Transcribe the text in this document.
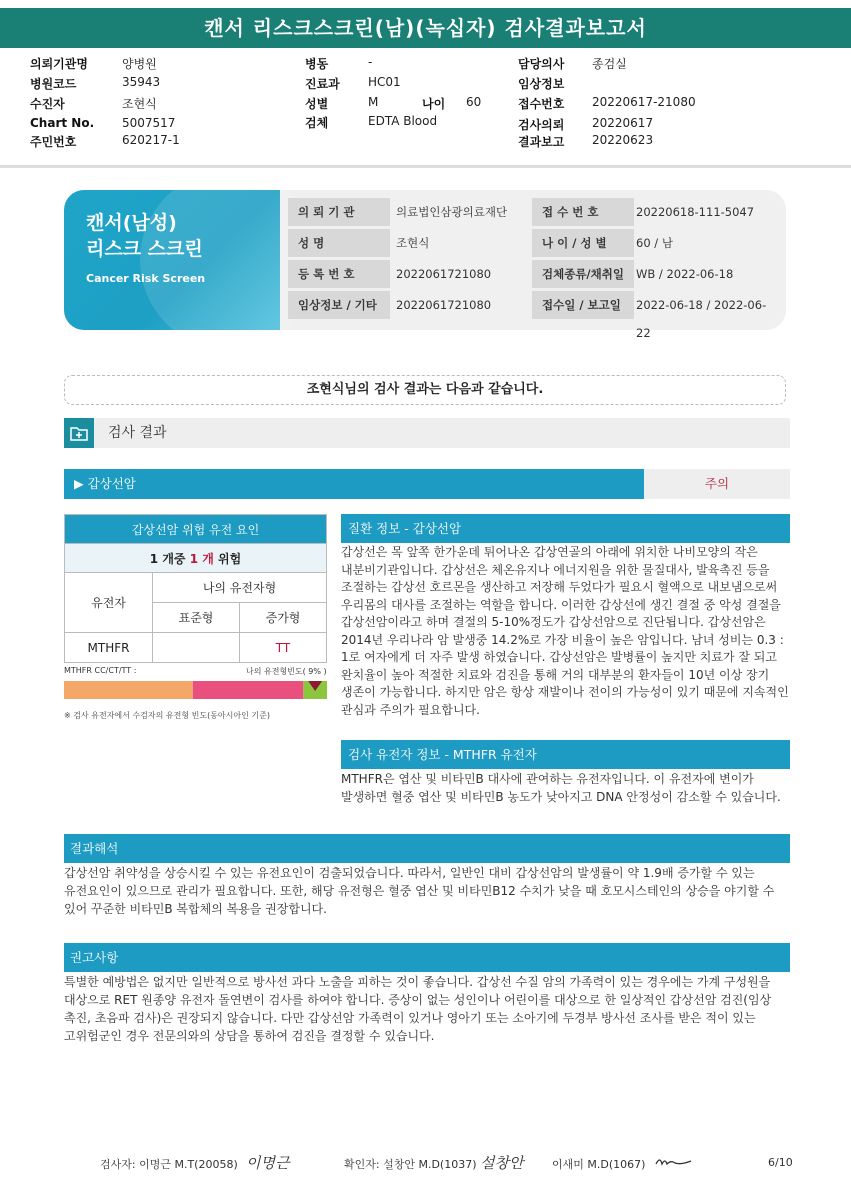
캔서 리스크스크린(남)(녹십자) 검사결과보고서
의뢰기관명	양병원
병원코드	35943
수진자	조현식
Chart No. 5007517
주민번호	620217-1
병동	-
진료과 HC01
성별	M	나이 60
검체	EDTA Blood
담당의사 종검실
임상정보
접수번호 20220617-21080
검사의뢰 20220617
결과보고 20220623
캔서(남성)
리스크 스크린
Cancer Risk Screen
의 뢰 기 관	의료법인삼광의료재단	접 수 번 호	20220618-111-5047
성 명	조현식	나 이 / 성 별	60 / 남
등 록 번 호	2022061721080	검체종류/채취일	WB / 2022-06-18
임상정보 / 기타	2022061721080	접수일 / 보고일	2022-06-18 / 2022-06-22
조현식님의 검사 결과는 다음과 같습니다.
검사 결과
▶ 갑상선암	주의
갑상선암 위험 유전 요인		
1 개중 1 개 위험		
유전자	나의 유전자형	
	표준형	증가형
MTHFR		TT
MTHFR CC/CT/TT :	나의 유전형빈도( 9% )
※ 검사 유전자에서 수검자의 유전형 빈도(동아시아인 기준)
질환 정보 - 갑상선암
갑상선은 목 앞쪽 한가운데 튀어나온 갑상연골의 아래에 위치한 나비모양의 작은
내분비기관입니다. 갑상선은 체온유지나 에너지원을 위한 물질대사, 발육촉진 등을
조절하는 갑상선 호르몬을 생산하고 저장해 두었다가 필요시 혈액으로 내보냄으로써
우리몸의 대사를 조절하는 역할을 합니다. 이러한 갑상선에 생긴 결절 중 악성 결절을
갑상선암이라고 하며 결절의 5-10%정도가 갑상선암으로 진단됩니다. 갑상선암은
2014년 우리나라 암 발생중 14.2%로 가장 비율이 높은 암입니다. 남녀 성비는 0.3 :
1로 여자에게 더 자주 발생 하였습니다. 갑상선암은 발병률이 높지만 치료가 잘 되고
완치율이 높아 적절한 치료와 검진을 통해 거의 대부분의 환자들이 10년 이상 장기
생존이 가능합니다. 하지만 암은 항상 재발이나 전이의 가능성이 있기 때문에 지속적인
관심과 주의가 필요합니다.
검사 유전자 정보 - MTHFR 유전자
MTHFR은 엽산 및 비타민B 대사에 관여하는 유전자입니다. 이 유전자에 변이가
발생하면 혈중 엽산 및 비타민B 농도가 낮아지고 DNA 안정성이 감소할 수 있습니다.
결과해석
갑상선암 취약성을 상승시킬 수 있는 유전요인이 검출되었습니다. 따라서, 일반인 대비 갑상선암의 발생률이 약 1.9배 증가할 수 있는
유전요인이 있으므로 관리가 필요합니다. 또한, 해당 유전형은 혈중 엽산 및 비타민B12 수치가 낮을 때 호모시스테인의 상승을 야기할 수
있어 꾸준한 비타민B 복합체의 복용을 권장합니다.
권고사항
특별한 예방법은 없지만 일반적으로 방사선 과다 노출을 피하는 것이 좋습니다. 갑상선 수질 암의 가족력이 있는 경우에는 가계 구성원을
대상으로 RET 원종양 유전자 돌연변이 검사를 하여야 합니다. 증상이 없는 성인이나 어린이를 대상으로 한 일상적인 갑상선암 검진(임상
촉진, 초음파 검사)은 권장되지 않습니다. 다만 갑상선암 가족력이 있거나 영아기 또는 소아기에 두경부 방사선 조사를 받은 적이 있는
고위험군인 경우 전문의와의 상담을 통하여 검진을 결정할 수 있습니다.
검사자: 이명근 M.T(20058) 이명근	확인자: 설창안 M.D(1037) 설창안	이새미 M.D(1067)	6/10
